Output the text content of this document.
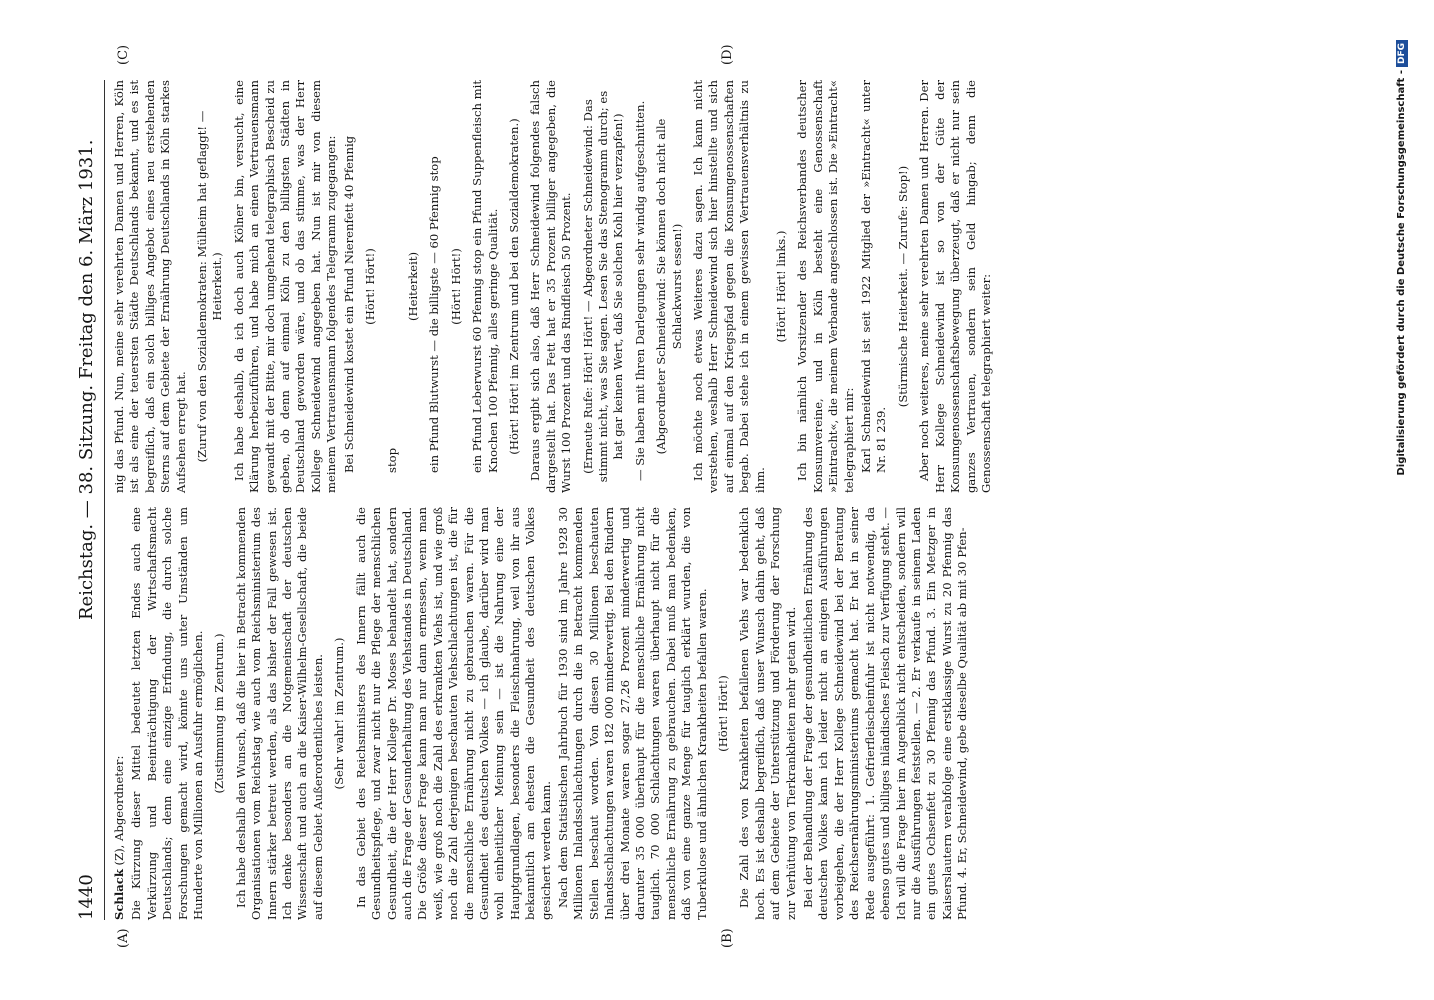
1440
Reichstag. — 38. Sitzung. Freitag den 6. März 1931.
(A)	(B)
(C)	(D)

Schlack (Z), Abgeordneter: Die Kürzung dieser Mittel bedeutet letzten Endes auch eine Verkürzung und Beeinträchtigung der Wirtschaftsmacht Deutschlands; denn eine einzige Erfindung, die durch solche Forschungen gemacht wird, könnte uns unter Umständen um Hunderte von Millionen an Ausfuhr ermöglichen. (Zustimmung im Zentrum.) Ich habe deshalb den Wunsch, daß die hier in Betracht kommenden Organisationen vom Reichstag wie auch vom Reichsministerium des Innern stärker betreut werden, als das bisher der Fall gewesen ist. Ich denke besonders an die Notgemeinschaft der deutschen Wissenschaft und auch an die Kaiser-Wilhelm-Gesellschaft, die beide auf diesem Gebiet Außerordentliches leisten. (Sehr wahr! im Zentrum.) In das Gebiet des Reichsministers des Innern fällt auch die Gesundheitspflege, und zwar nicht nur die Pflege der menschlichen Gesundheit, die der Herr Kollege Dr. Moses behandelt hat, sondern auch die Frage der Gesunderhaltung des Viehstandes in Deutschland. Die Größe dieser Frage kann man nur dann ermessen, wenn man weiß, wie groß noch die Zahl des erkrankten Viehs ist, und wie groß noch die Zahl derjenigen beschauten Viehschlachtungen ist, die für die menschliche Ernährung nicht zu gebrauchen waren. Für die Gesundheit des deutschen Volkes — ich glaube, darüber wird man wohl einheitlicher Meinung sein — ist die Nahrung eine der Hauptgrundlagen, besonders die Fleischnahrung, weil von ihr aus bekanntlich am ehesten die Gesundheit des deutschen Volkes gesichert werden kann. Nach dem Statistischen Jahrbuch für 1930 sind im Jahre 1928 30 Millionen Inlandsschlachtungen durch die in Betracht kommenden Stellen beschaut worden. Von diesen 30 Millionen beschauten Inlandsschlachtungen waren 182 000 minderwertig. Bei den Rindern über drei Monate waren sogar 27,26 Prozent minderwertig und darunter 35 000 überhaupt für die menschliche Ernährung nicht tauglich. 70 000 Schlachtungen waren überhaupt nicht für die menschliche Ernährung zu gebrauchen. Dabei muß man bedenken, daß von eine ganze Menge für tauglich erklärt wurden, die von Tuberkulose und ähnlichen Krankheiten befallen waren. (Hört! Hört!) Die Zahl des von Krankheiten befallenen Viehs war bedenklich hoch. Es ist deshalb begreiflich, daß unser Wunsch dahin geht, daß auf dem Gebiete der Unterstützung und Förderung der Forschung zur Verhütung von Tierkrankheiten mehr getan wird. Bei der Behandlung der Frage der gesundheitlichen Ernährung des deutschen Volkes kann ich leider nicht an einigen Ausführungen vorbeigehen, die der Herr Kollege Schneidewind bei der Beratung des Reichsernährungsministeriums gemacht hat. Er hat in seiner Rede ausgeführt: 1. Gefrierfleischeinfuhr ist nicht notwendig, da ebenso gutes und billiges inländisches Fleisch zur Verfügung steht. — Ich will die Frage hier im Augenblick nicht entscheiden, sondern will nur die Ausführungen feststellen. — 2. Er verkaufe in seinem Laden ein gutes Ochsenfett zu 30 Pfennig das Pfund. 3. Ein Metzger in Kaiserslautern verabfolge eine erstklassige Wurst zu 20 Pfennig das Pfund. 4. Er, Schneidewind, gebe dieselbe Qualität ab mit 30 Pfen-

nig das Pfund. Nun, meine sehr verehrten Damen und Herren, Köln ist als eine der teuersten Städte Deutschlands bekannt, und es ist begreiflich, daß ein solch billiges Angebot eines neu erstehenden Sterns auf dem Gebiete der Ernährung Deutschlands in Köln starkes Aufsehen erregt hat. (Zuruf von den Sozialdemokraten: Mülheim hat geflaggt! — Heiterkeit.) Ich habe deshalb, da ich doch auch Kölner bin, versucht, eine Klärung herbeizuführen, und habe mich an einen Vertrauensmann gewandt mit der Bitte, mir doch umgehend telegraphisch Bescheid zu geben, ob denn auf einmal Köln zu den billigsten Städten in Deutschland geworden wäre, und ob das stimme, was der Herr Kollege Schneidewind angegeben hat. Nun ist mir von diesem meinem Vertrauensmann folgendes Telegramm zugegangen: Bei Schneidewind kostet ein Pfund Nierenfett 40 Pfennig (Hört! Hört!)

stop

(Heiterkeit) ein Pfund Blutwurst — die billigste — 60 Pfennig stop (Hört! Hört!) ein Pfund Leberwurst 60 Pfennig stop ein Pfund Suppenfleisch mit Knochen 100 Pfennig, alles geringe Qualität. (Hört! Hört! im Zentrum und bei den Sozialdemokraten.) Daraus ergibt sich also, daß Herr Schneidewind folgendes falsch dargestellt hat. Das Fett hat er 35 Prozent billiger angegeben, die Wurst 100 Prozent und das Rindfleisch 50 Prozent. (Erneute Rufe: Hört! Hört! — Abgeordneter Schneidewind: Das stimmt nicht, was Sie sagen. Lesen Sie das Stenogramm durch; es hat gar keinen Wert, daß Sie solchen Kohl hier verzapfen!) — Sie haben mit Ihren Darlegungen sehr windig aufgeschnitten. (Abgeordneter Schneidewind: Sie können doch nicht alle Schlackwurst essen!) Ich möchte noch etwas Weiteres dazu sagen. Ich kann nicht verstehen, weshalb Herr Schneidewind sich hier hinstellte und sich auf einmal auf den Kriegspfad gegen die Konsumgenossenschaften begab. Dabei stehe ich in einem gewissen Vertrauensverhältnis zu ihm.

(Hört! Hört! links.) Ich bin nämlich Vorsitzender des Reichsverbandes deutscher Konsumvereine, und in Köln besteht eine Genossenschaft »Eintracht«, die meinem Verbande angeschlossen ist. Die »Eintracht« telegraphiert mir: Karl Schneidewind ist seit 1922 Mitglied der »Eintracht« unter Nr. 81 239.

(Stürmische Heiterkeit. — Zurufe: Stop!) Aber noch weiteres, meine sehr verehrten Damen und Herren. Der Herr Kollege Schneidewind ist so von der Güte der Konsumgenossenschaftsbewegung überzeugt, daß er nicht nur sein ganzes Vertrauen, sondern sein Geld hingab; denn die Genossenschaft telegraphiert weiter:	Digitalisierung gefördert durch die Deutsche Forschungsgemeinschaft -DFG
